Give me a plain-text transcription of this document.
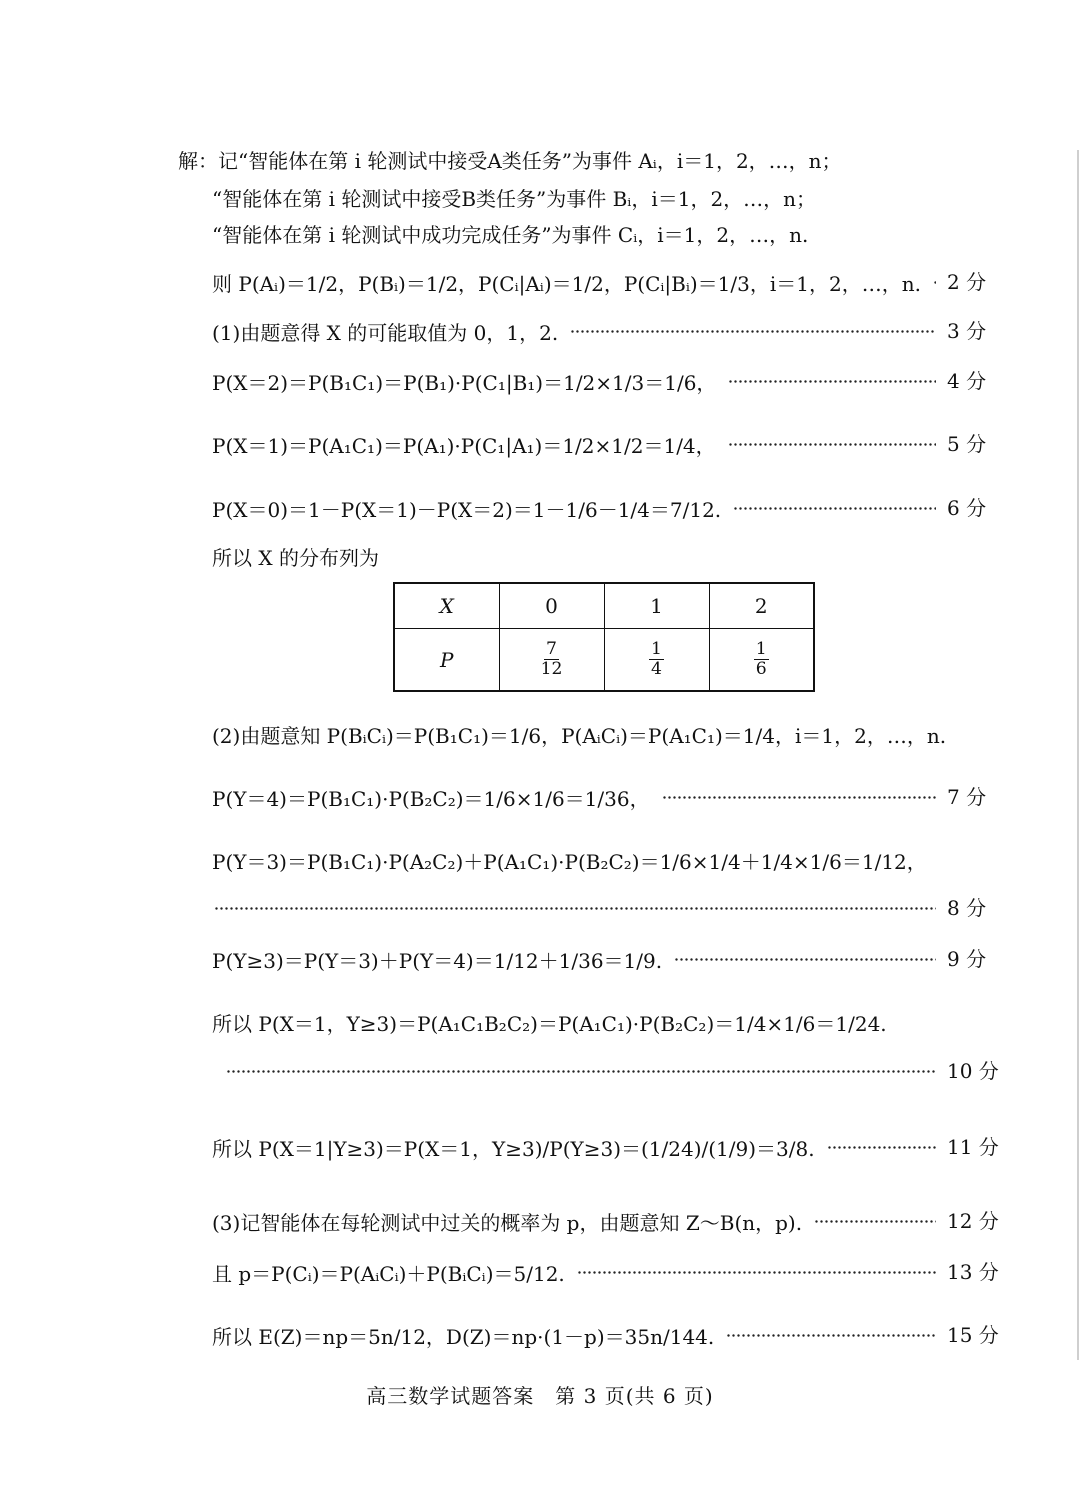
解：记“智能体在第 i 轮测试中接受A类任务”为事件 Aᵢ，i＝1，2，…，n；
“智能体在第 i 轮测试中接受B类任务”为事件 Bᵢ，i＝1，2，…，n；
“智能体在第 i 轮测试中成功完成任务”为事件 Cᵢ，i＝1，2，…，n.
则 P(Aᵢ)＝1/2，P(Bᵢ)＝1/2，P(Cᵢ|Aᵢ)＝1/2，P(Cᵢ|Bᵢ)＝1/3，i＝1，2，…，n. 2 分
(1)由题意得 X 的可能取值为 0，1，2.	3 分
P(X＝2)＝P(B₁C₁)＝P(B₁)·P(C₁|B₁)＝1/2×1/3＝1/6，	4 分
P(X＝1)＝P(A₁C₁)＝P(A₁)·P(C₁|A₁)＝1/2×1/2＝1/4，	5 分
P(X＝0)＝1－P(X＝1)－P(X＝2)＝1－1/6－1/4＝7/12.	6 分
所以 X 的分布列为
X	0	1	2
P	$\frac{7}{12}$	$\frac{1}{4}$	$\frac{1}{6}$
(2)由题意知 P(BᵢCᵢ)＝P(B₁C₁)＝1/6，P(AᵢCᵢ)＝P(A₁C₁)＝1/4，i＝1，2，…，n.
P(Y＝4)＝P(B₁C₁)·P(B₂C₂)＝1/6×1/6＝1/36，	7 分
P(Y＝3)＝P(B₁C₁)·P(A₂C₂)＋P(A₁C₁)·P(B₂C₂)＝1/6×1/4＋1/4×1/6＝1/12，
8 分
P(Y≥3)＝P(Y＝3)＋P(Y＝4)＝1/12＋1/36＝1/9.	9 分
所以 P(X＝1，Y≥3)＝P(A₁C₁B₂C₂)＝P(A₁C₁)·P(B₂C₂)＝1/4×1/6＝1/24.
10 分
所以 P(X＝1|Y≥3)＝P(X＝1，Y≥3)/P(Y≥3)＝(1/24)/(1/9)＝3/8.	11 分
(3)记智能体在每轮测试中过关的概率为 p，由题意知 Z～B(n，p).	12 分
且 p＝P(Cᵢ)＝P(AᵢCᵢ)＋P(BᵢCᵢ)＝5/12.	13 分
所以 E(Z)＝np＝5n/12，D(Z)＝np·(1－p)＝35n/144.	15 分
高三数学试题答案　第 3 页(共 6 页)
